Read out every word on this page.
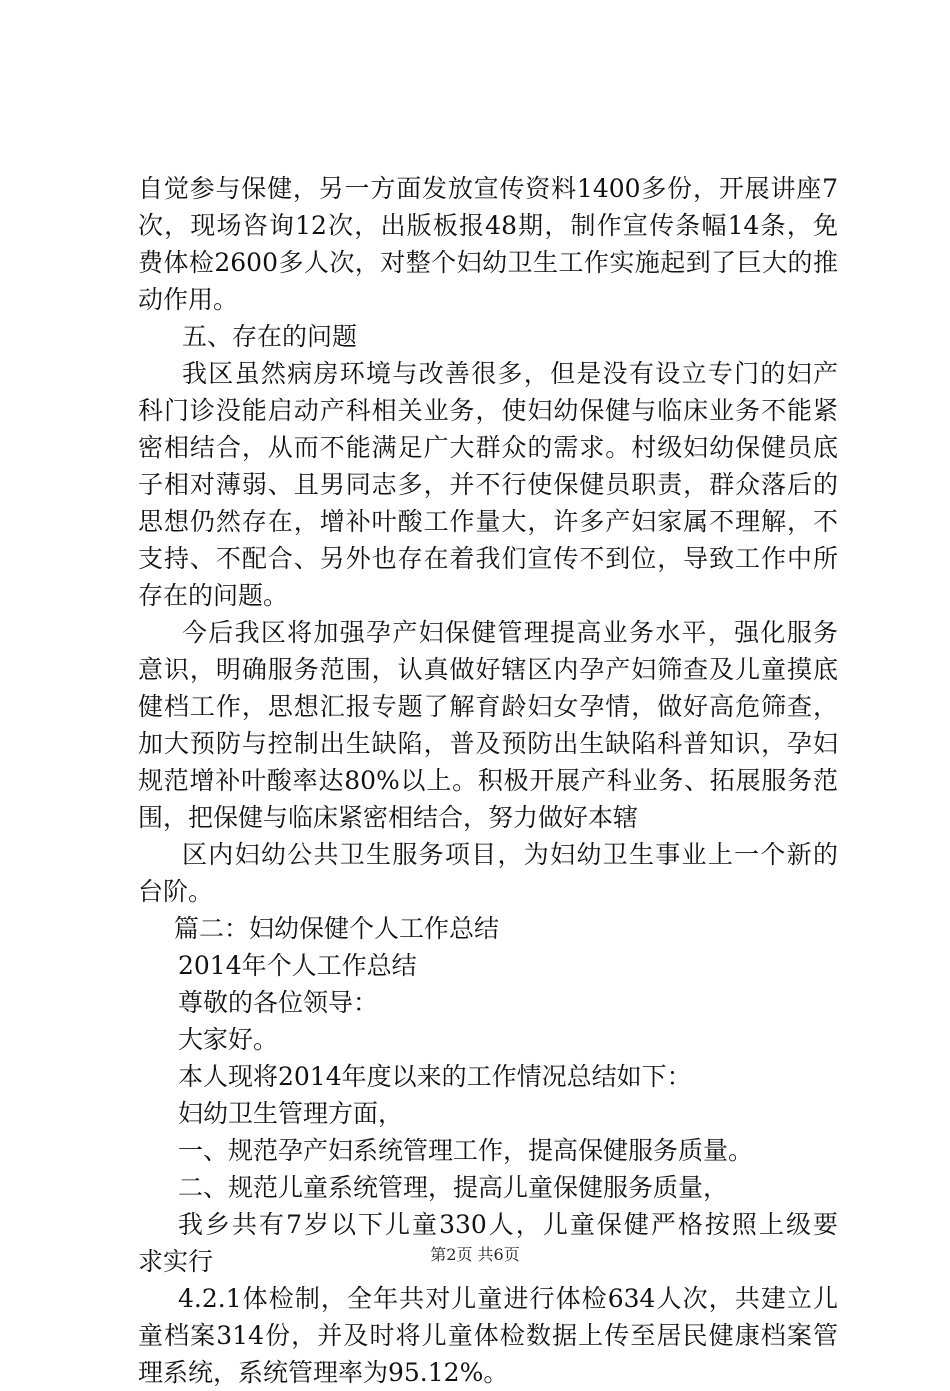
自觉参与保健，另一方面发放宣传资料1400多份，开展讲座7
次，现场咨询12次，出版板报48期，制作宣传条幅14条，免
费体检2600多人次，对整个妇幼卫生工作实施起到了巨大的推
动作用。
五、存在的问题
我区虽然病房环境与改善很多，但是没有设立专门的妇产
科门诊没能启动产科相关业务，使妇幼保健与临床业务不能紧
密相结合，从而不能满足广大群众的需求。村级妇幼保健员底
子相对薄弱、且男同志多，并不行使保健员职责，群众落后的
思想仍然存在，增补叶酸工作量大，许多产妇家属不理解，不
支持、不配合、另外也存在着我们宣传不到位，导致工作中所
存在的问题。
今后我区将加强孕产妇保健管理提高业务水平，强化服务
意识，明确服务范围，认真做好辖区内孕产妇筛查及儿童摸底
健档工作，思想汇报专题了解育龄妇女孕情，做好高危筛查，
加大预防与控制出生缺陷，普及预防出生缺陷科普知识，孕妇
规范增补叶酸率达80%以上。积极开展产科业务、拓展服务范
围，把保健与临床紧密相结合，努力做好本辖
区内妇幼公共卫生服务项目，为妇幼卫生事业上一个新的
台阶。
篇二：妇幼保健个人工作总结
2014年个人工作总结
尊敬的各位领导：
大家好。
本人现将2014年度以来的工作情况总结如下：
妇幼卫生管理方面，
一、规范孕产妇系统管理工作，提高保健服务质量。
二、规范儿童系统管理，提高儿童保健服务质量，
我乡共有7岁以下儿童330人，儿童保健严格按照上级要
求实行
4.2.1体检制，全年共对儿童进行体检634人次，共建立儿
童档案314份，并及时将儿童体检数据上传至居民健康档案管
理系统，系统管理率为95.12%。
第2页 共6页
